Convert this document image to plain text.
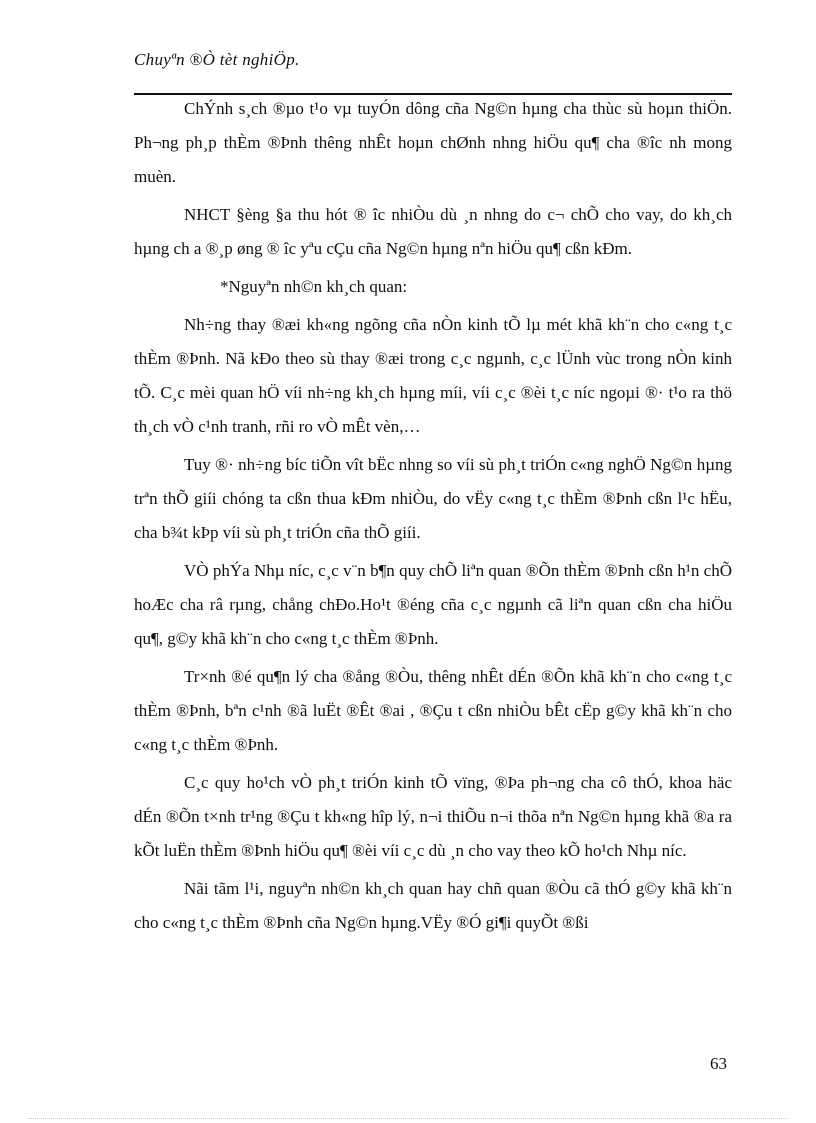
Chuyªn ®Ò tèt nghiÖp.

ChÝnh s¸ch ®µo t¹o vµ tuyÓn dông cña Ng©n hµng cha thùc sù hoµn thiÖn. Ph¬ng ph¸p thÈm ®Þnh thêng nhÊt hoµn chØnh nhng hiÖu qu¶ cha ®îc nh mong muèn.

NHCT §èng §a thu hót ® îc nhiÒu dù ¸n nhng do c¬ chÕ cho vay, do kh¸ch hµng ch a ®¸p øng ® îc yªu cÇu cña Ng©n hµng nªn hiÖu qu¶ cßn kÐm.

*Nguyªn nh©n kh¸ch quan:

Nh÷ng thay ®æi kh«ng ngõng cña nÒn kinh tÕ lµ mét khã kh¨n cho c«ng t¸c thÈm ®Þnh. Nã kÐo theo sù thay ®æi trong c¸c ngµnh, c¸c lÜnh vùc trong nÒn kinh tÕ. C¸c mèi quan hÖ víi nh÷ng kh¸ch hµng míi, víi c¸c ®èi t¸c níc ngoµi ®· t¹o ra thö th¸ch vÒ c¹nh tranh, rñi ro vÒ mÊt vèn,…

Tuy ®· nh÷ng bíc tiÕn vît bËc nhng so víi sù ph¸t triÓn c«ng nghÖ Ng©n hµng trªn thÕ giíi chóng ta cßn thua kÐm nhiÒu, do vËy c«ng t¸c thÈm ®Þnh cßn l¹c hËu, cha b¾t kÞp víi sù ph¸t triÓn cña thÕ giíi.

VÒ phÝa Nhµ níc, c¸c v¨n b¶n quy chÕ liªn quan ®Õn thÈm ®Þnh cßn h¹n chÕ hoÆc cha râ rµng, chång chÐo.Ho¹t ®éng cña c¸c ngµnh cã liªn quan cßn cha hiÖu qu¶, g©y khã kh¨n cho c«ng t¸c thÈm ®Þnh.

Tr×nh ®é qu¶n lý cha ®ång ®Òu, thêng nhÊt dÉn ®Õn khã kh¨n cho c«ng t¸c thÈm ®Þnh, bªn c¹nh ®ã luËt ®Êt ®ai , ®Çu t cßn nhiÒu bÊt cËp g©y khã kh¨n cho c«ng t¸c thÈm ®Þnh.

C¸c quy ho¹ch vÒ ph¸t triÓn kinh tÕ vïng, ®Þa ph¬ng cha cô thÓ, khoa häc dÉn ®Õn t×nh tr¹ng ®Çu t kh«ng hîp lý, n¬i thiÕu n¬i thõa nªn Ng©n hµng khã ®a ra kÕt luËn thÈm ®Þnh hiÖu qu¶ ®èi víi c¸c dù ¸n cho vay theo kÕ ho¹ch Nhµ níc.

Nãi tãm l¹i, nguyªn nh©n kh¸ch quan hay chñ quan ®Òu cã thÓ g©y khã kh¨n cho c«ng t¸c thÈm ®Þnh cña Ng©n hµng.VËy ®Ó gi¶i quyÕt ®ßi

63
